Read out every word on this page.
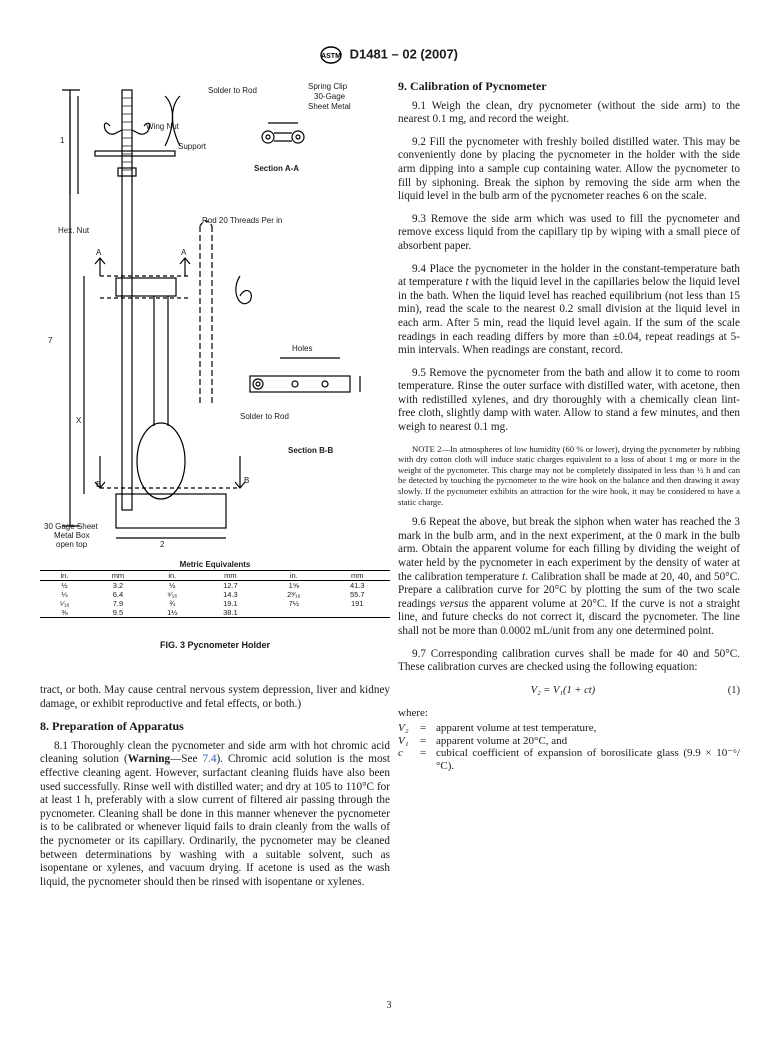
ASTM D1481 – 02 (2007)
Solder to Rod	Spring Clip
30-Gage
Sheet Metal
Section A-A
Wing Nut
Support
Rod 20 Threads Per in
Hex. Nut
Holes
Solder to Rod
Section B-B
30 Gage Sheet
Metal Box
open top
1
7
X
A	A
B	B
2
Metric Equivalents
in.	mm	in.	mm	in.	mm
½	3.2	½	12.7	1⅝	41.3
¼	6.4	⁹⁄₁₆	14.3	2³⁄₁₆	55.7
⁵⁄₁₆	7.9	¾	19.1	7½	191
⅜	9.5	1½	38.1		
FIG. 3 Pycnometer Holder

tract, or both. May cause central nervous system depression, liver and kidney damage, or exhibit reproductive and fetal effects, or both.)

8. Preparation of Apparatus

8.1 Thoroughly clean the pycnometer and side arm with hot chromic acid cleaning solution (Warning—See 7.4). Chromic acid solution is the most effective cleaning agent. However, surfactant cleaning fluids have also been used successfully. Rinse well with distilled water; and dry at 105 to 110°C for at least 1 h, preferably with a slow current of filtered air passing through the pycnometer. Cleaning shall be done in this manner whenever the pycnometer is to be calibrated or whenever liquid fails to drain cleanly from the walls of the pycnometer or its capillary. Ordinarily, the pycnometer may be cleaned between determinations by washing with a suitable solvent, such as isopentane or xylenes, and vacuum drying. If acetone is used as the wash liquid, the pycnometer should then be rinsed with isopentane or xylenes.

9. Calibration of Pycnometer

9.1 Weigh the clean, dry pycnometer (without the side arm) to the nearest 0.1 mg, and record the weight.

9.2 Fill the pycnometer with freshly boiled distilled water. This may be conveniently done by placing the pycnometer in the holder with the side arm dipping into a sample cup containing water. Allow the pycnometer to fill by siphoning. Break the siphon by removing the side arm when the liquid level in the bulb arm of the pycnometer reaches 6 on the scale.

9.3 Remove the side arm which was used to fill the pycnometer and remove excess liquid from the capillary tip by wiping with a small piece of absorbent paper.

9.4 Place the pycnometer in the holder in the constant-temperature bath at temperature t with the liquid level in the capillaries below the liquid level in the bath. When the liquid level has reached equilibrium (not less than 15 min), read the scale to the nearest 0.2 small division at the liquid level in each arm. After 5 min, read the liquid level again. If the sum of the scale readings in each reading differs by more than ±0.04, repeat readings at 5-min intervals. When readings are constant, record.

9.5 Remove the pycnometer from the bath and allow it to come to room temperature. Rinse the outer surface with distilled water, with acetone, then with redistilled xylenes, and dry thoroughly with a chemically clean lint-free cloth, slightly damp with water. Allow to stand a few minutes, and then weigh to nearest 0.1 mg.

NOTE 2—In atmospheres of low humidity (60 % or lower), drying the pycnometer by rubbing with dry cotton cloth will induce static charges equivalent to a loss of about 1 mg or more in the weight of the pycnometer. This charge may not be completely dissipated in less than ½ h and can be detected by touching the pycnometer to the wire hook on the balance and then drawing it away slowly. If the pycnometer exhibits an attraction for the wire hook, it may be considered to have a static charge.

9.6 Repeat the above, but break the siphon when water has reached the 3 mark in the bulb arm, and in the next experiment, at the 0 mark in the bulb arm. Obtain the apparent volume for each filling by dividing the weight of water held by the pycnometer in each experiment by the density of water at the calibration temperature t. Calibration shall be made at 20, 40, and 50°C. Prepare a calibration curve for 20°C by plotting the sum of the two scale readings versus the apparent volume at 20°C. If the curve is not a straight line, and future checks do not correct it, discard the pycnometer. The line shall not be more than 0.0002 mL/unit from any one determined point.

9.7 Corresponding calibration curves shall be made for 40 and 50°C. These calibration curves are checked using the following equation:

V₂ = V₁(1 + ct)	(1)
where:
V₂	= apparent volume at test temperature,
V₁	= apparent volume at 20°C, and
c	= cubical coefficient of expansion of borosilicate glass (9.9 × 10⁻⁶/°C).
3
